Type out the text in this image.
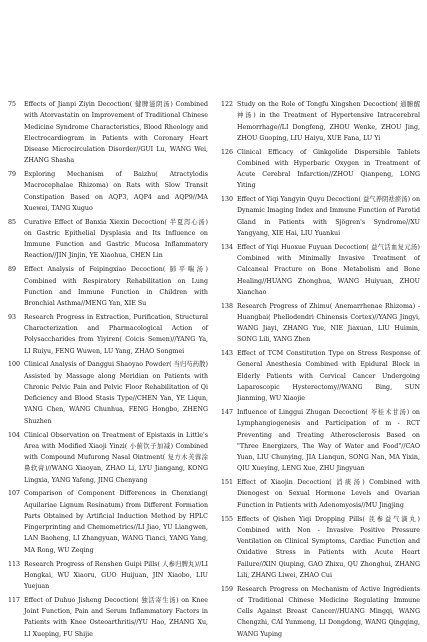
75	Effects of Jianpi Ziyin Decoction( 健脾滋阴汤) Combined with Atorvastatin on Improvement of Traditional Chinese Medicine Syndrome Characteristics, Blood Rheology and Electrocardiogram in Patients with Coronary Heart Disease Microcirculation Disorder//GUI Lu, WANG Wei, ZHANG Shasha
79	Exploring Mechanism of Baizhu( Atractylodis Macrocephalae Rhizoma) on Rats with Slow Transit Constipation Based on AQP3, AQP4 and AQP9//MA Xuewei, TANG Xuguo
85	Curative Effect of Banxia Xiexin Decoction( 半夏泻心汤) on Gastric Epithelial Dysplasia and Its Influence on Immune Function and Gastric Mucosa Inflammatory Reaction//JIN Jinjin, YE Xiaohua, CHEN Lin
89	Effect Analysis of Feipingxiao Decoction( 肺平喘汤) Combined with Respiratory Rehabilitation on Lung Function and Immune Function in Children with Bronchial Asthma//MENG Yan, XIE Su
93	Research Progress in Extraction, Purification, Structural Characterization and Pharmacological Action of Polysaccharides from Yiyiren( Coicis Semen)//YANG Ya, LI Ruiyu, FENG Wuwen, LU Yang, ZHAO Songmei
100 Clinical Analysis of Danggui Shaoyao Powder( 当归芍药散) Assisted by Massage along Meridian on Patients with Chronic Pelvic Pain and Pelvic Floor Rehabilitation of Qi Deficiency and Blood Stasis Type//CHEN Yan, YE Liqun, YANG Chen, WANG Chunhua, FENG Hongbo, ZHENG Shuzhen
104 Clinical Observation on Treatment of Epistaxis in Little's Area with Modified Xiaoji Yinzi( 小蓟饮子加减) Combined with Compound Mufurong Nasal Ointment( 复方木芙蓉涂鼻软膏)//WANG Xiaoyan, ZHAO Li, LYU Jiangang, KONG Lingxia, YANG Yafeng, JING Chenyang
107 Comparison of Component Differences in Chenxiang( Aquilariae Lignum Resinatum) from Different Formation Parts Obtained by Artificial Induction Method by HPLC Fingerprinting and Chemometrics//LI Jiao, YU Liangwen, LAN Baoheng, LI Zhangyuan, WANG Tianci, YANG Yang, MA Rong, WU Zeqing
113 Research Progress of Renshen Guipi Pills( 人参归脾丸)//LI Hongkai, WU Xiaoru, GUO Huijuan, JIN Xiaobo, LIU Yuejuan
117 Effect of Duhuo Jisheng Decoction( 独活寄生汤) on Knee Joint Function, Pain and Serum Inflammatory Factors in Patients with Knee Osteoarthritis//YU Hao, ZHANG Xu, LI Xueping, FU Shijie
122 Study on the Role of Tongfu Xingshen Decoction( 通腑醒神汤) in the Treatment of Hypertensive Intracerebral Hemorrhage//LI Dongfeng, ZHOU Wenke, ZHOU Jing, ZHOU Guoping, LIU Haiyu, XUE Fana, LU Yi
126 Clinical Efficacy of Ginkgolide Dispersible Tablets Combined with Hyperbaric Oxygen in Treatment of Acute Cerebral Infarction//ZHOU Qianpeng, LONG Yiting
130 Effect of Yiqi Yangyin Quyu Decoction( 益气养阴祛瘀汤) on Dynamic Imaging Index and Immune Function of Parotid Gland in Patients with Sjögren's Syndrome//XU Yangyang, XIE Hai, LIU Yuankui
134 Effect of Yiqi Huoxue Fuyuan Decoction( 益气活血复元汤) Combined with Minimally Invasive Treatment of Calcaneal Fracture on Bone Metabolism and Bone Healing//HUANG Zhonghua, WANG Huiyuan, ZHOU Xianchao
138 Research Progress of Zhimu( Anemarrhenae Rhizoma) - Huangbai( Phellodendri Chinensis Cortex)//YANG Jingyi, WANG Jiayi, ZHANG Yue, NIE Jiaxuan, LIU Huimin, SONG Lili, YANG Zhen
143 Effect of TCM Constitution Type on Stress Response of General Anesthesia Combined with Epidural Block in Elderly Patients with Cervical Cancer Undergoing Laparoscopic Hysterectomy//WANG Bing, SUN Jianming, WU Xiaojie
147 Influence of Linggui Zhugan Decoction( 苓桂术甘汤) on Lymphangiogenesis and Participation of m - RCT Preventing and Treating Atherosclerosis Based on "Three Energizers, The Way of Water and Food"//CAO Yuan, LIU Chunying, JIA Lianqun, SONG Nan, MA Yixin, QIU Xueying, LENG Xue, ZHU Jingyuan
151 Effect of Xiaojin Decoction( 消痰汤) Combined with Dienogest on Sexual Hormone Levels and Ovarian Function in Patients with Adenomyosis//MU Jingjing
155 Effects of Qishen Yiqi Dropping Pills( 芪参益气滴丸) Combined with Non - Invasive Positive Pressure Ventilation on Clinical Symptoms, Cardiac Function and Oxidative Stress in Patients with Acute Heart Failure//XIN Qiuping, GAO Zhixu, QU Zhonghui, ZHANG Lili, ZHANG Liwei, ZHAO Cui
159 Research Progress on Mechanism of Active Ingredients of Traditional Chinese Medicine Regulating Immune Cells Against Breast Cancer//HUANG Mingqi, WANG Chengzhi, CAI Yunmeng, LI Dongdong, WANG Qingqing, WANG Yuping
